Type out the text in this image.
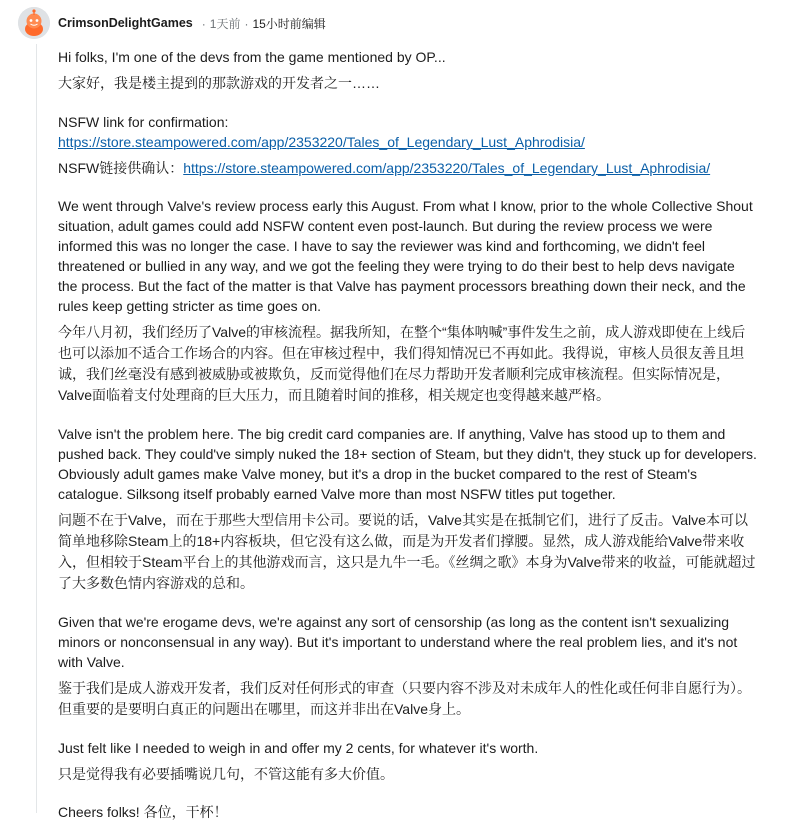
CrimsonDelightGames · 1天前 · 15小时前编辑

Hi folks, I'm one of the devs from the game mentioned by OP...

大家好，我是楼主提到的那款游戏的开发者之一……

NSFW link for confirmation:

https://store.steampowered.com/app/2353220/Tales_of_Legendary_Lust_Aphrodisia/

NSFW链接供确认：https://store.steampowered.com/app/2353220/Tales_of_Legendary_Lust_Aphrodisia/

We went through Valve's review process early this August. From what I know, prior to the whole Collective Shout situation, adult games could add NSFW content even post-launch. But during the review process we were informed this was no longer the case. I have to say the reviewer was kind and forthcoming, we didn't feel threatened or bullied in any way, and we got the feeling they were trying to do their best to help devs navigate the process. But the fact of the matter is that Valve has payment processors breathing down their neck, and the rules keep getting stricter as time goes on.

今年八月初，我们经历了Valve的审核流程。据我所知，在整个“集体呐喊”事件发生之前，成人游戏即使在上线后也可以添加不适合工作场合的内容。但在审核过程中，我们得知情况已不再如此。我得说，审核人员很友善且坦诚，我们丝毫没有感到被威胁或被欺负，反而觉得他们在尽力帮助开发者顺利完成审核流程。但实际情况是，Valve面临着支付处理商的巨大压力，而且随着时间的推移，相关规定也变得越来越严格。

Valve isn't the problem here. The big credit card companies are. If anything, Valve has stood up to them and pushed back. They could've simply nuked the 18+ section of Steam, but they didn't, they stuck up for developers. Obviously adult games make Valve money, but it's a drop in the bucket compared to the rest of Steam's catalogue. Silksong itself probably earned Valve more than most NSFW titles put together.

问题不在于Valve，而在于那些大型信用卡公司。要说的话，Valve其实是在抵制它们，进行了反击。Valve本可以简单地移除Steam上的18+内容板块，但它没有这么做，而是为开发者们撑腰。显然，成人游戏能给Valve带来收入，但相较于Steam平台上的其他游戏而言，这只是九牛一毛。《丝绸之歌》本身为Valve带来的收益，可能就超过了大多数色情内容游戏的总和。

Given that we're erogame devs, we're against any sort of censorship (as long as the content isn't sexualizing minors or nonconsensual in any way). But it's important to understand where the real problem lies, and it's not with Valve.

鉴于我们是成人游戏开发者，我们反对任何形式的审查（只要内容不涉及对未成年人的性化或任何非自愿行为）。但重要的是要明白真正的问题出在哪里，而这并非出在Valve身上。

Just felt like I needed to weigh in and offer my 2 cents, for whatever it's worth.

只是觉得我有必要插嘴说几句，不管这能有多大价值。

Cheers folks! 各位，干杯！
